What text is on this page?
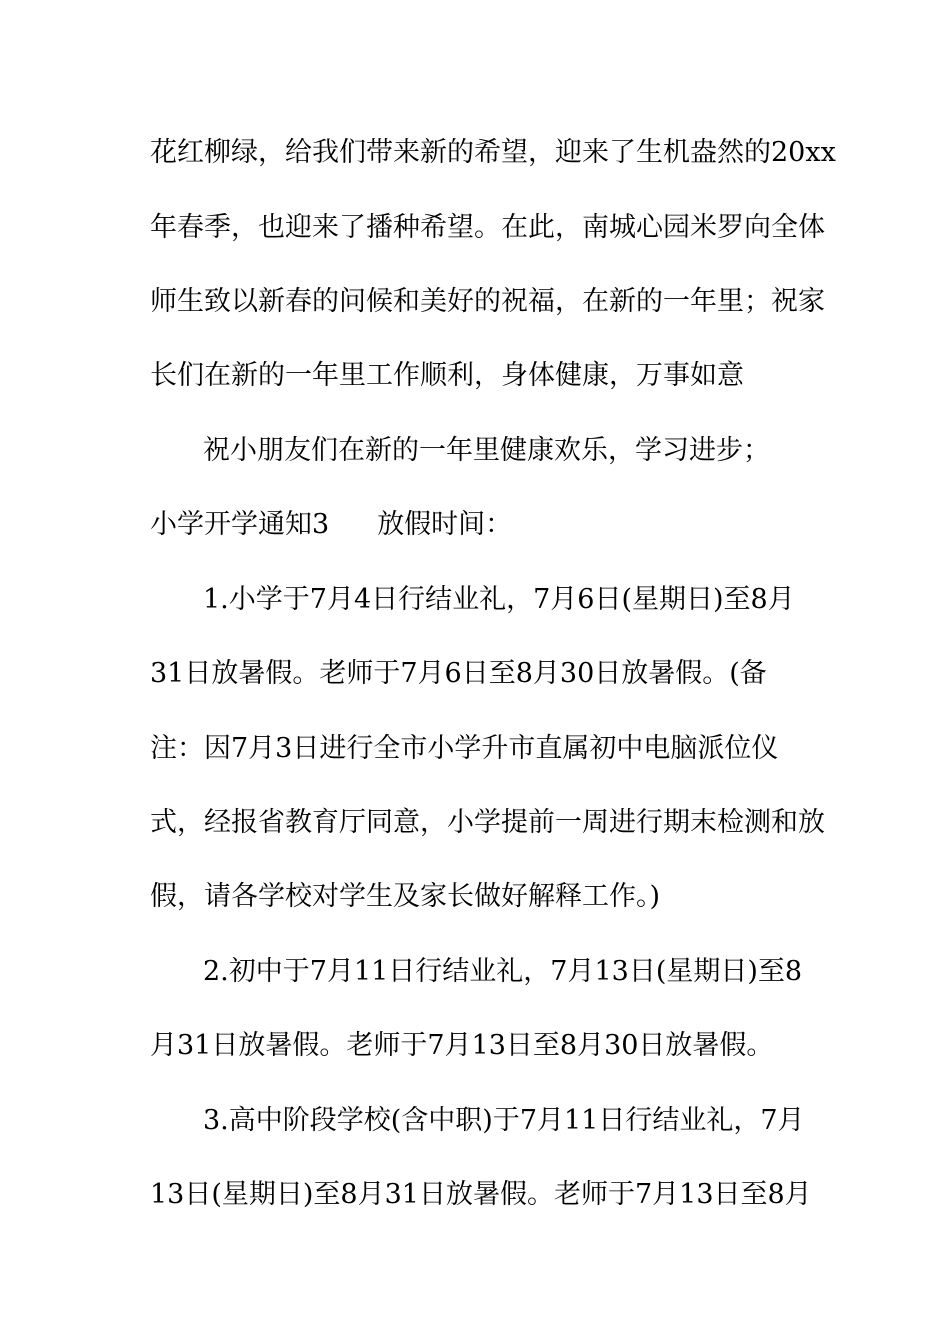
花红柳绿，给我们带来新的希望，迎来了生机盎然的20xx
年春季，也迎来了播种希望。在此，南城心园米罗向全体
师生致以新春的问候和美好的祝福，在新的一年里；祝家
长们在新的一年里工作顺利，身体健康，万事如意
祝小朋友们在新的一年里健康欢乐，学习进步；
小学开学通知3 放假时间：
1.小学于7月4日行结业礼，7月6日(星期日)至8月
31日放暑假。老师于7月6日至8月30日放暑假。(备
注：因7月3日进行全市小学升市直属初中电脑派位仪
式，经报省教育厅同意，小学提前一周进行期末检测和放
假，请各学校对学生及家长做好解释工作。)
2.初中于7月11日行结业礼，7月13日(星期日)至8
月31日放暑假。老师于7月13日至8月30日放暑假。
3.高中阶段学校(含中职)于7月11日行结业礼，7月
13日(星期日)至8月31日放暑假。老师于7月13日至8月
